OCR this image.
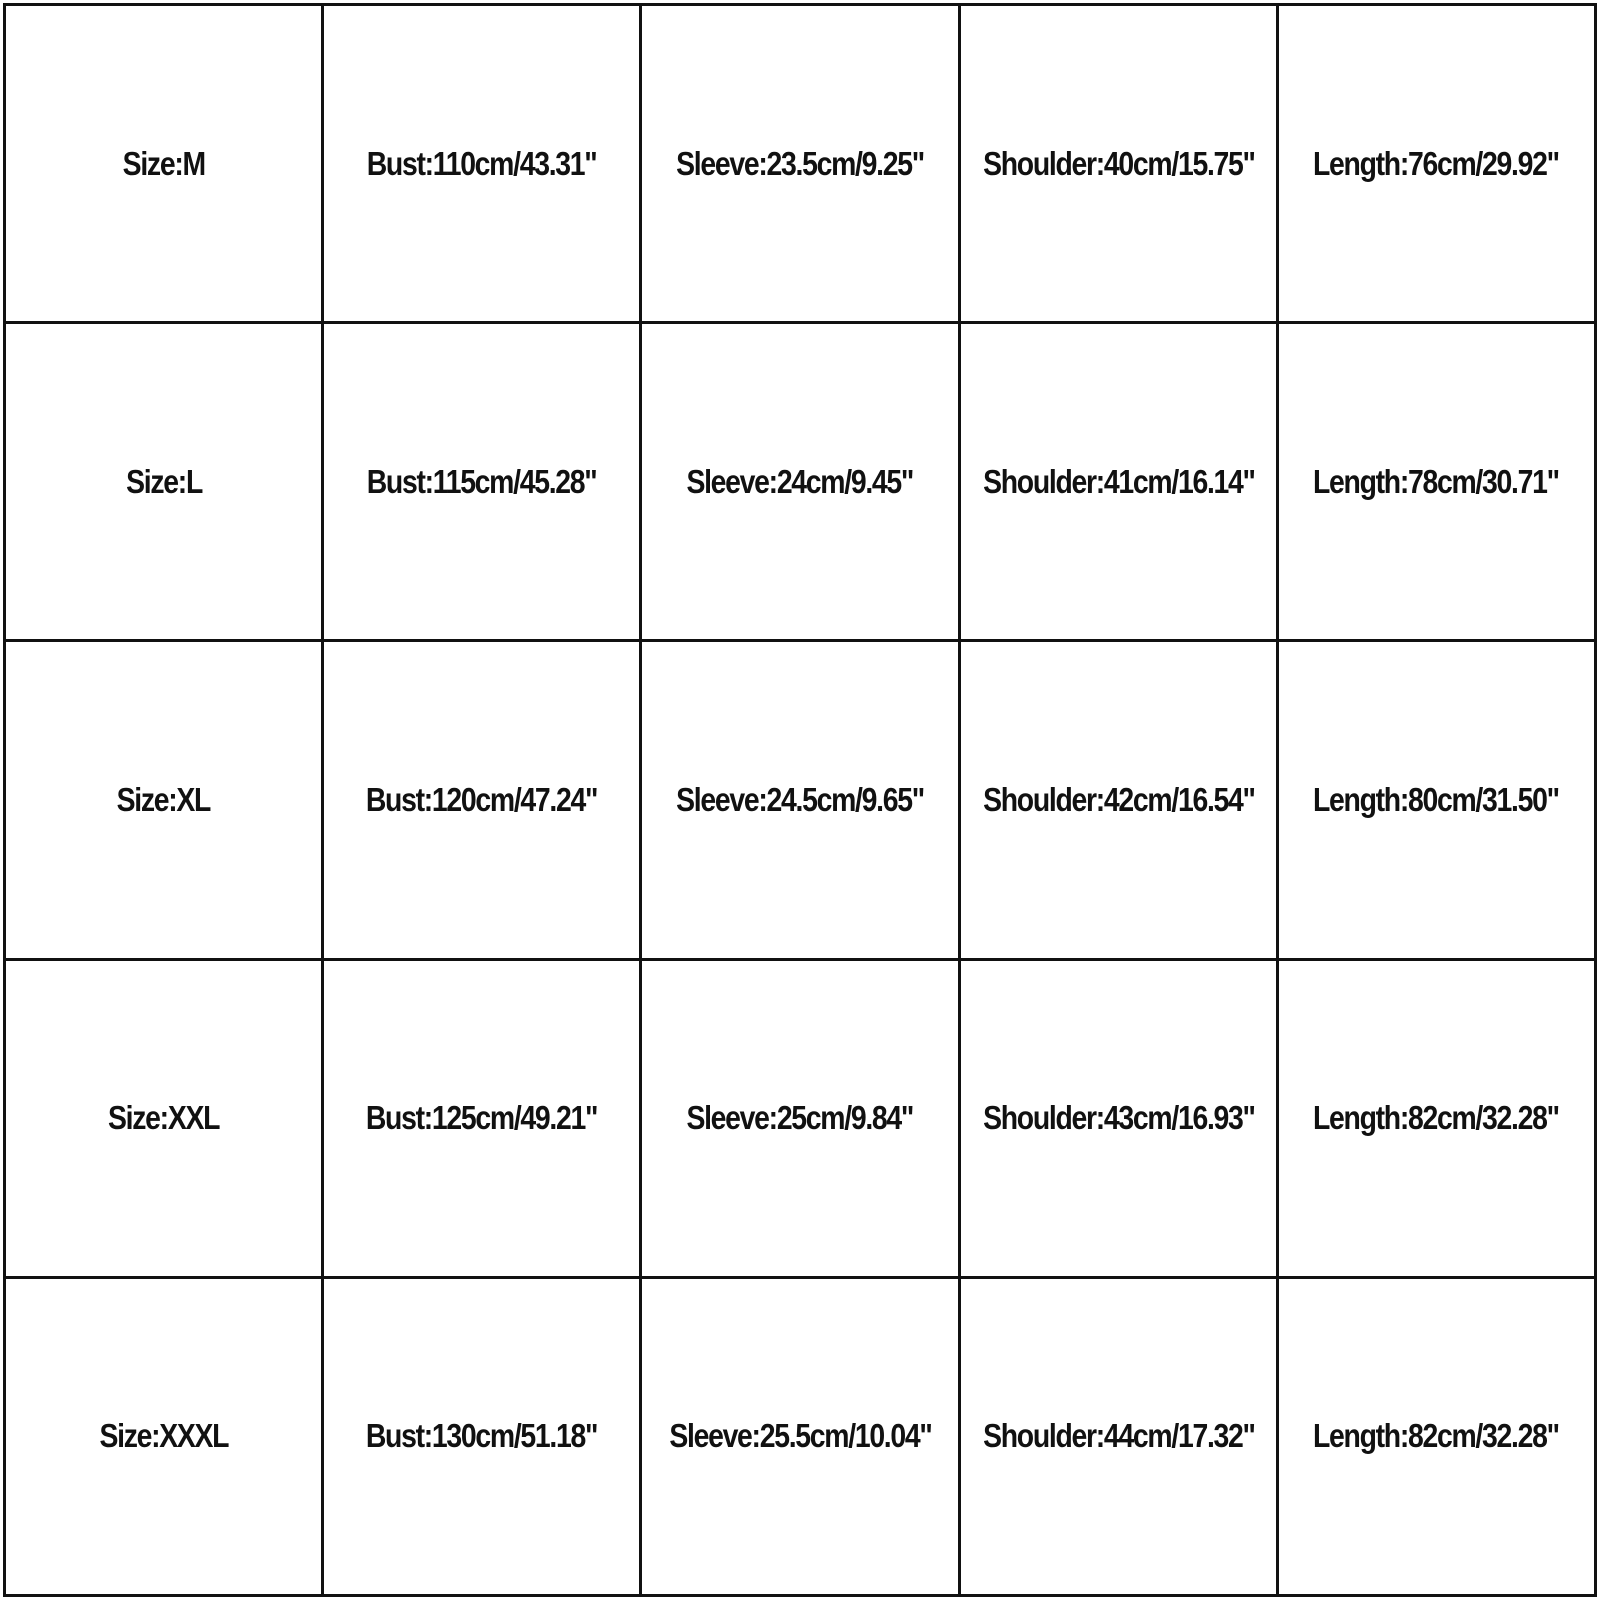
Size:M	Bust:110cm/43.31"	Sleeve:23.5cm/9.25"	Shoulder:40cm/15.75"	Length:76cm/29.92"
Size:L	Bust:115cm/45.28"	Sleeve:24cm/9.45"	Shoulder:41cm/16.14"	Length:78cm/30.71"
Size:XL	Bust:120cm/47.24"	Sleeve:24.5cm/9.65"	Shoulder:42cm/16.54"	Length:80cm/31.50"
Size:XXL	Bust:125cm/49.21"	Sleeve:25cm/9.84"	Shoulder:43cm/16.93"	Length:82cm/32.28"
Size:XXXL	Bust:130cm/51.18"	Sleeve:25.5cm/10.04"	Shoulder:44cm/17.32"	Length:82cm/32.28"
